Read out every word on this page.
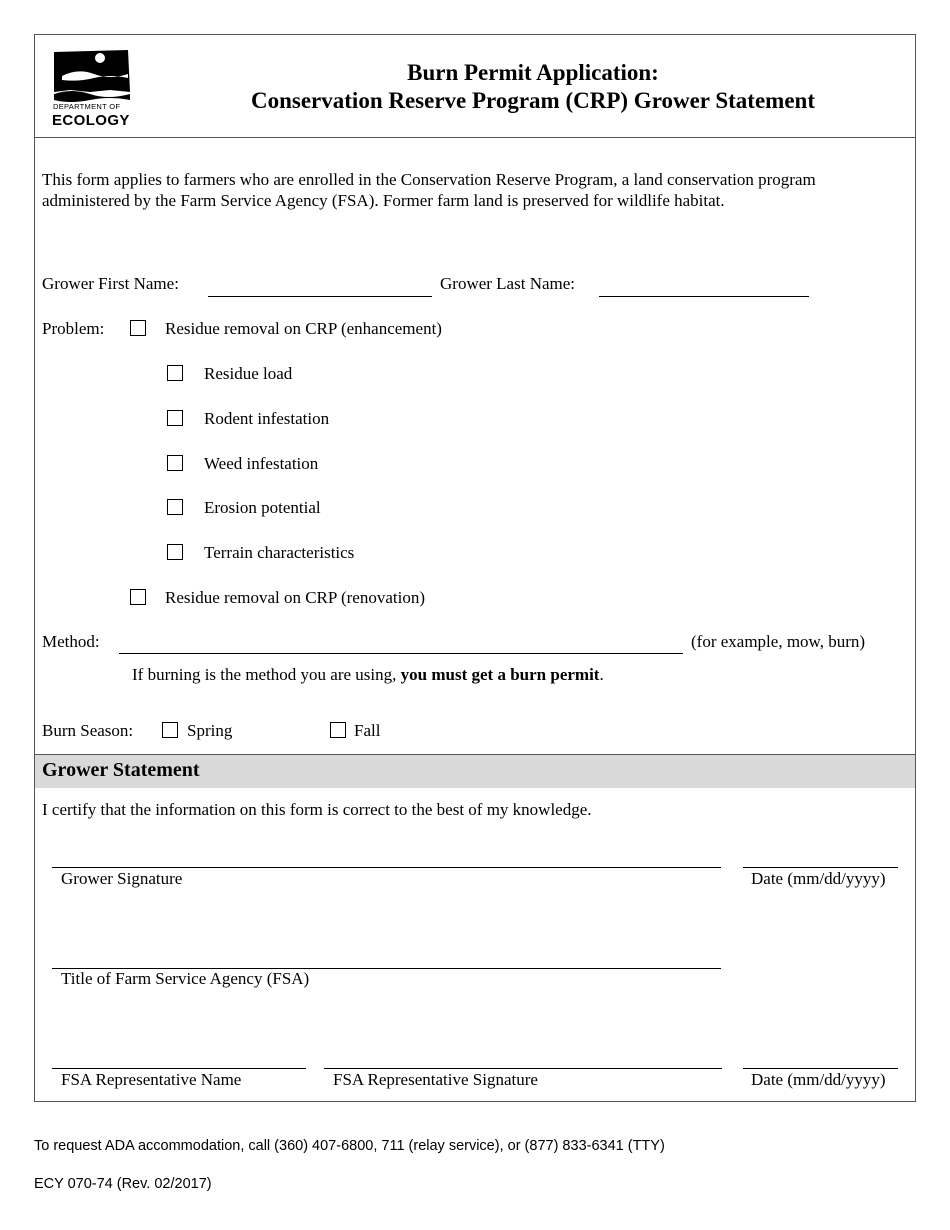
DEPARTMENT OF
ECOLOGY
Burn Permit Application:
Conservation Reserve Program (CRP) Grower Statement
This form applies to farmers who are enrolled in the Conservation Reserve Program, a land conservation program
administered by the Farm Service Agency (FSA). Former farm land is preserved for wildlife habitat.
Grower First Name:	Grower Last Name:
Problem:	Residue removal on CRP (enhancement)
Residue load
Rodent infestation
Weed infestation
Erosion potential
Terrain characteristics
Residue removal on CRP (renovation)
Method:	(for example, mow, burn)
If burning is the method you are using, you must get a burn permit.
Burn Season:	Spring	Fall
Grower Statement
I certify that the information on this form is correct to the best of my knowledge.
Grower Signature	Date (mm/dd/yyyy)
Title of Farm Service Agency (FSA)
FSA Representative Name	FSA Representative Signature	Date (mm/dd/yyyy)
To request ADA accommodation, call (360) 407-6800, 711 (relay service), or (877) 833-6341 (TTY)
ECY 070-74 (Rev. 02/2017)
